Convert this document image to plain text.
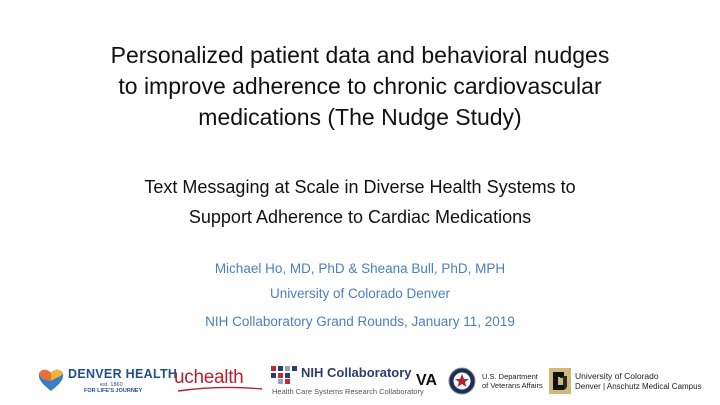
Personalized patient data and behavioral nudges
to improve adherence to chronic cardiovascular
medications (The Nudge Study)
Text Messaging at Scale in Diverse Health Systems to
Support Adherence to Cardiac Medications
Michael Ho, MD, PhD & Sheana Bull, PhD, MPH
University of Colorado Denver
NIH Collaboratory Grand Rounds, January 11, 2019
DENVER HEALTH
est. 1860
FOR LIFE'S JOURNEY
uchealth	NIH Collaboratory
Health Care Systems Research Collaboratory
VA	U.S. Department
of Veterans Affairs
University of Colorado
Denver | Anschutz Medical Campus
